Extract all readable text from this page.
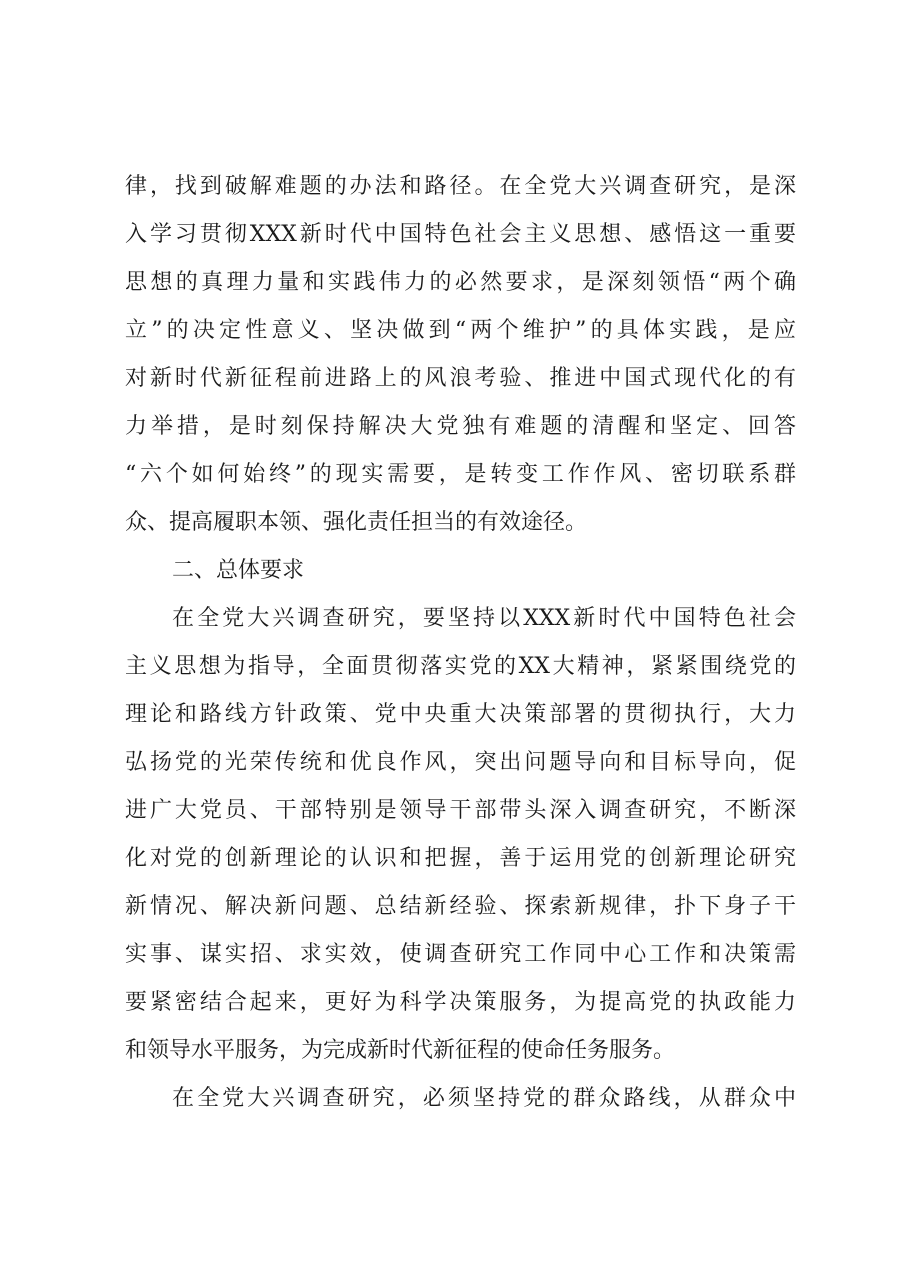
律，找到破解难题的办法和路径。在全党大兴调查研究，是深
入学习贯彻XXX新时代中国特色社会主义思想、感悟这一重要
思想的真理力量和实践伟力的必然要求，是深刻领悟“两个确
立”的决定性意义、坚决做到“两个维护”的具体实践，是应
对新时代新征程前进路上的风浪考验、推进中国式现代化的有
力举措，是时刻保持解决大党独有难题的清醒和坚定、回答
“六个如何始终”的现实需要，是转变工作作风、密切联系群
众、提高履职本领、强化责任担当的有效途径。
二、总体要求
在全党大兴调查研究，要坚持以XXX新时代中国特色社会
主义思想为指导，全面贯彻落实党的XX大精神，紧紧围绕党的
理论和路线方针政策、党中央重大决策部署的贯彻执行，大力
弘扬党的光荣传统和优良作风，突出问题导向和目标导向，促
进广大党员、干部特别是领导干部带头深入调查研究，不断深
化对党的创新理论的认识和把握，善于运用党的创新理论研究
新情况、解决新问题、总结新经验、探索新规律，扑下身子干
实事、谋实招、求实效，使调查研究工作同中心工作和决策需
要紧密结合起来，更好为科学决策服务，为提高党的执政能力
和领导水平服务，为完成新时代新征程的使命任务服务。
在全党大兴调查研究，必须坚持党的群众路线，从群众中
